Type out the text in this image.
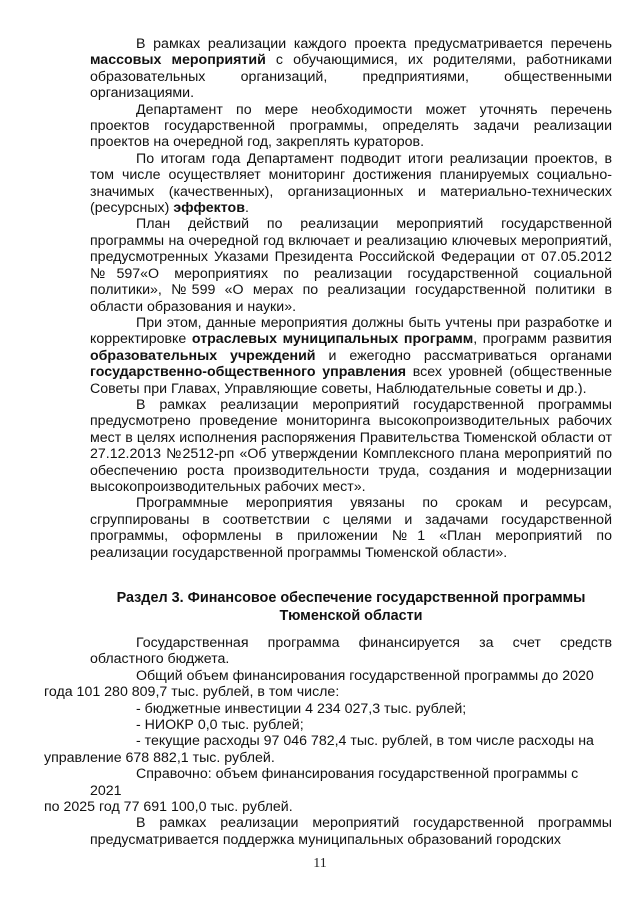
В рамках реализации каждого проекта предусматривается перечень массовых мероприятий с обучающимися, их родителями, работниками образовательных организаций, предприятиями, общественными организациями.

Департамент по мере необходимости может уточнять перечень проектов государственной программы, определять задачи реализации проектов на очередной год, закреплять кураторов.

По итогам года Департамент подводит итоги реализации проектов, в том числе осуществляет мониторинг достижения планируемых социально-значимых (качественных), организационных и материально-технических (ресурсных) эффектов.

План действий по реализации мероприятий государственной программы на очередной год включает и реализацию ключевых мероприятий, предусмотренных Указами Президента Российской Федерации от 07.05.2012 №597«О мероприятиях по реализации государственной социальной политики», №599 «О мерах по реализации государственной политики в области образования и науки».

При этом, данные мероприятия должны быть учтены при разработке и корректировке отраслевых муниципальных программ, программ развития образовательных учреждений и ежегодно рассматриваться органами государственно-общественного управления всех уровней (общественные Советы при Главах, Управляющие советы, Наблюдательные советы и др.).

В рамках реализации мероприятий государственной программы предусмотрено проведение мониторинга высокопроизводительных рабочих мест в целях исполнения распоряжения Правительства Тюменской области от 27.12.2013 №2512-рп «Об утверждении Комплексного плана мероприятий по обеспечению роста производительности труда, создания и модернизации высокопроизводительных рабочих мест».

Программные мероприятия увязаны по срокам и ресурсам, сгруппированы в соответствии с целями и задачами государственной программы, оформлены в приложении №1 «План мероприятий по реализации государственной программы Тюменской области».

Раздел 3. Финансовое обеспечение государственной программы
Тюменской области

Государственная программа финансируется за счет средств областного бюджета.

Общий объем финансирования государственной программы до 2020
года 101 280 809,7 тыс. рублей, в том числе:

- бюджетные инвестиции 4 234 027,3 тыс. рублей;

- НИОКР 0,0 тыс. рублей;

- текущие расходы 97 046 782,4 тыс. рублей, в том числе расходы на
управление 678 882,1 тыс. рублей.

Справочно: объем финансирования государственной программы с 2021
по 2025 год 77 691 100,0 тыс. рублей.

В рамках реализации мероприятий государственной программы предусматривается поддержка муниципальных образований городских

11
